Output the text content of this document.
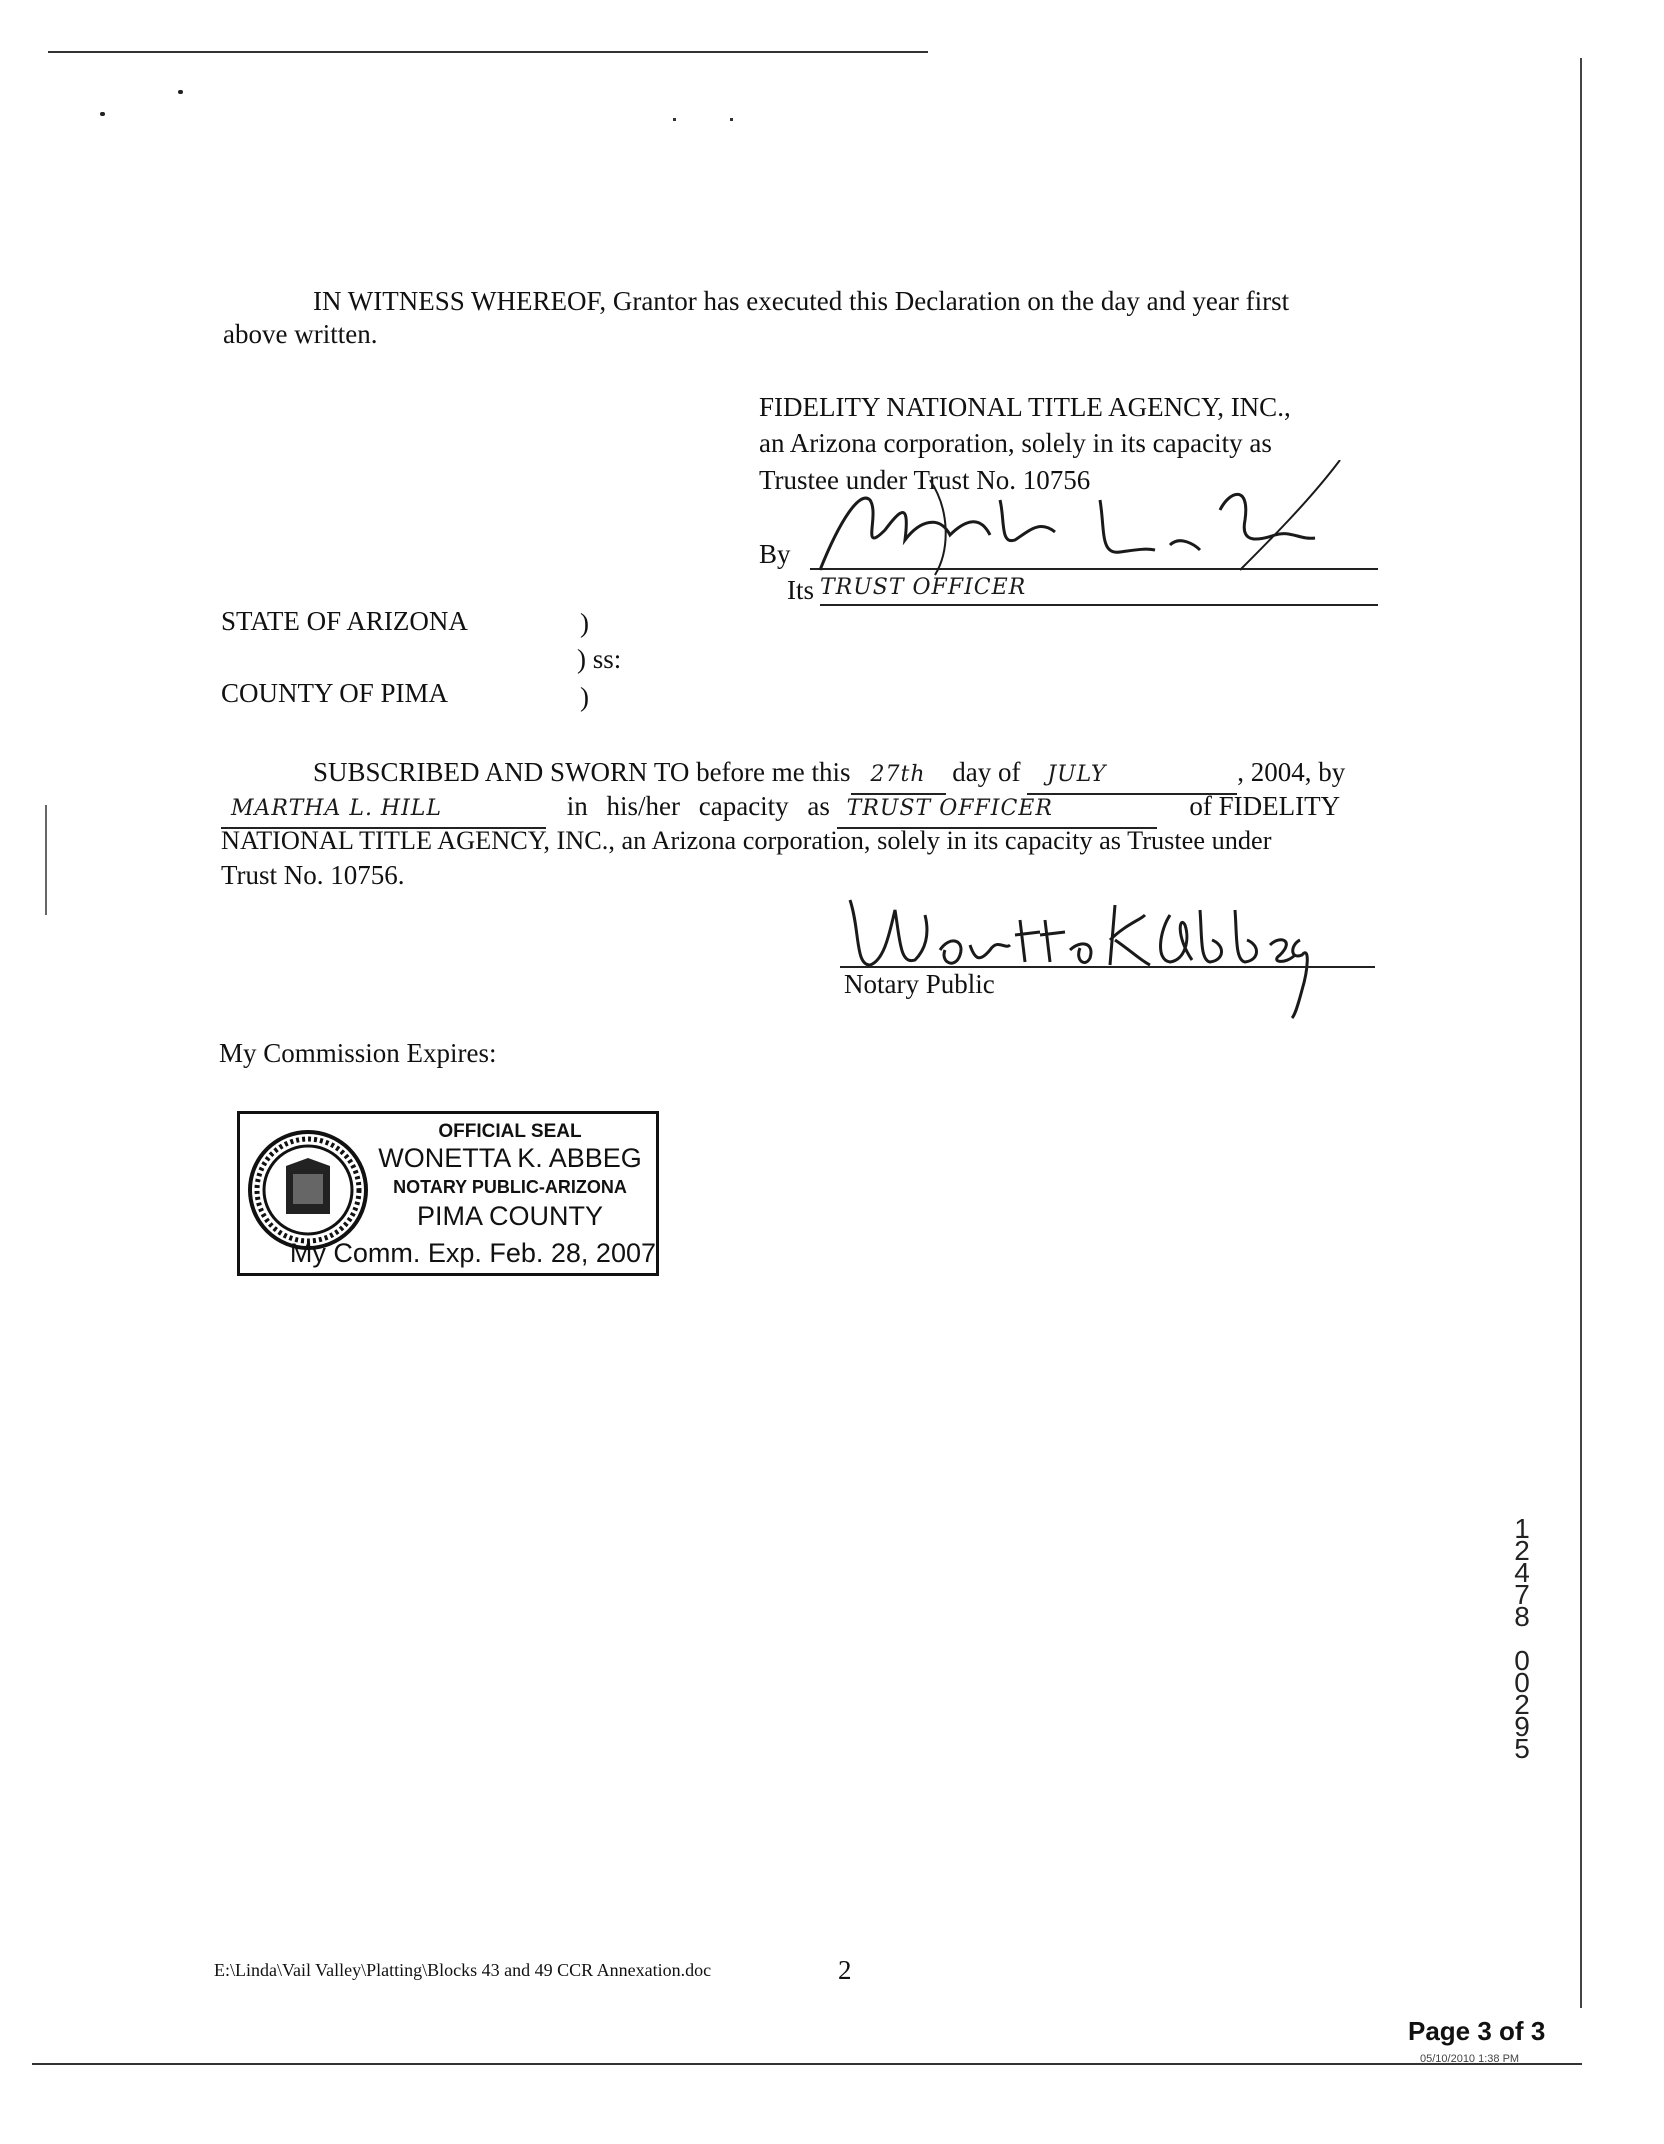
IN WITNESS WHEREOF, Grantor has executed this Declaration on the day and year first
above written.
FIDELITY NATIONAL TITLE AGENCY, INC.,
an Arizona corporation, solely in its capacity as
Trustee under Trust No. 10756
By
Its TRUST OFFICER
STATE OF ARIZONA	)
) ss:
COUNTY OF PIMA	)
SUBSCRIBED AND SWORN TO before me this 27th day of JULY	, 2004, by
MARTHA L. HILL	in his/her capacity as TRUST OFFICER	of FIDELITY
NATIONAL TITLE AGENCY, INC., an Arizona corporation, solely in its capacity as Trustee under
Trust No. 10756.
Notary Public
My Commission Expires:
OFFICIAL SEAL
WONETTA K. ABBEG
NOTARY PUBLIC-ARIZONA
PIMA COUNTY
My Comm. Exp. Feb. 28, 2007
1
2
4
7
8
0
0
2
9
5
E:\Linda\Vail Valley\Platting\Blocks 43 and 49 CCR Annexation.doc	2
Page 3 of 3
05/10/2010 1:38 PM
